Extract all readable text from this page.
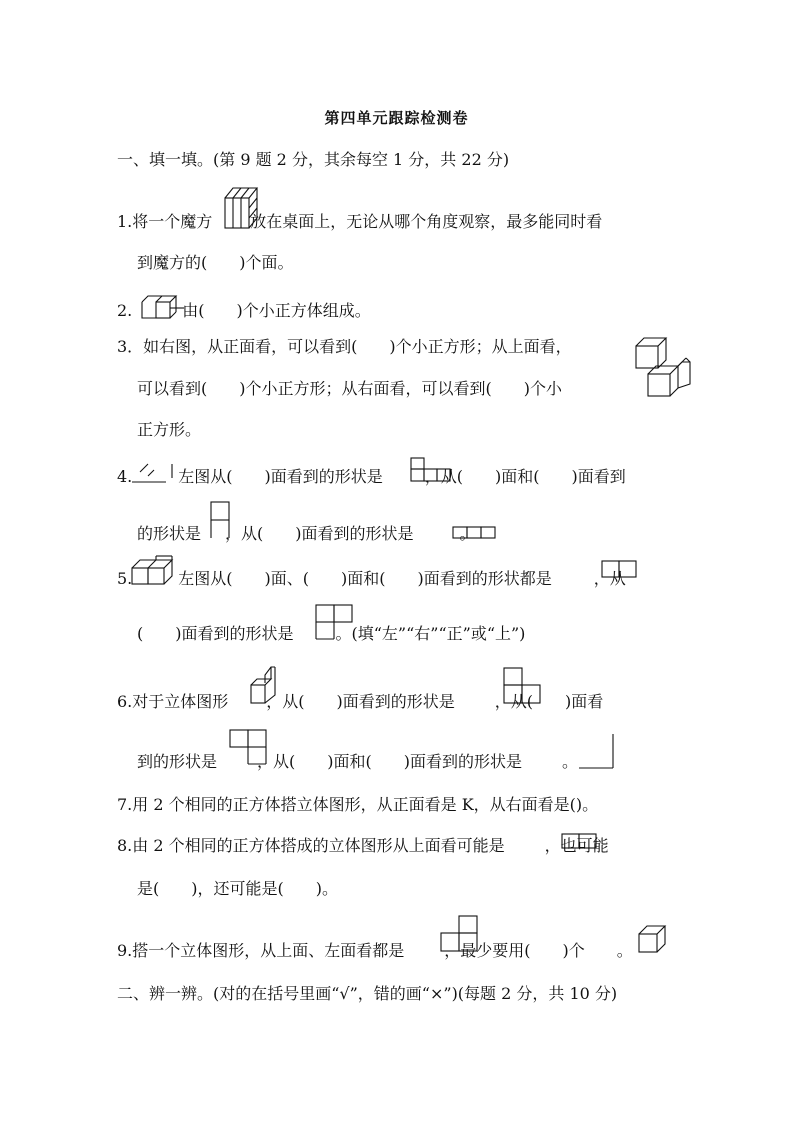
第四单元跟踪检测卷
一、填一填。(第 9 题 2 分，其余每空 1 分，共 22 分)
1.将一个魔方 放在桌面上，无论从哪个角度观察，最多能同时看
到魔方的(　　)个面。
2.	由(　　)个小正方体组成。
3．如右图，从正面看，可以看到(　　)个小正方形；从上面看，
可以看到(　　)个小正方形；从右面看，可以看到(　　)个小
正方形。
4.	左图从(　　)面看到的形状是	，从(　　)面和(　　)面看到
的形状是 ，从(　　)面看到的形状是	。
5.	左图从(　　)面、(　　)面和(　　)面看到的形状都是	，从
(　　)面看到的形状是	。(填“左”“右”“正”或“上”)
6.对于立体图形 ，从(　　)面看到的形状是	，从(　　)面看
到的形状是	，从(　　)面和(　　)面看到的形状是	。
7.用 2 个相同的正方体搭立体图形，从正面看是 K，从右面看是()。
8.由 2 个相同的正方体搭成的立体图形从上面看可能是	，也可能
是(　　)，还可能是(　　)。
9.搭一个立体图形，从上面、左面看都是	，最少要用(　　)个 。
二、辨一辨。(对的在括号里画“√”，错的画“×”)(每题 2 分，共 10 分)
